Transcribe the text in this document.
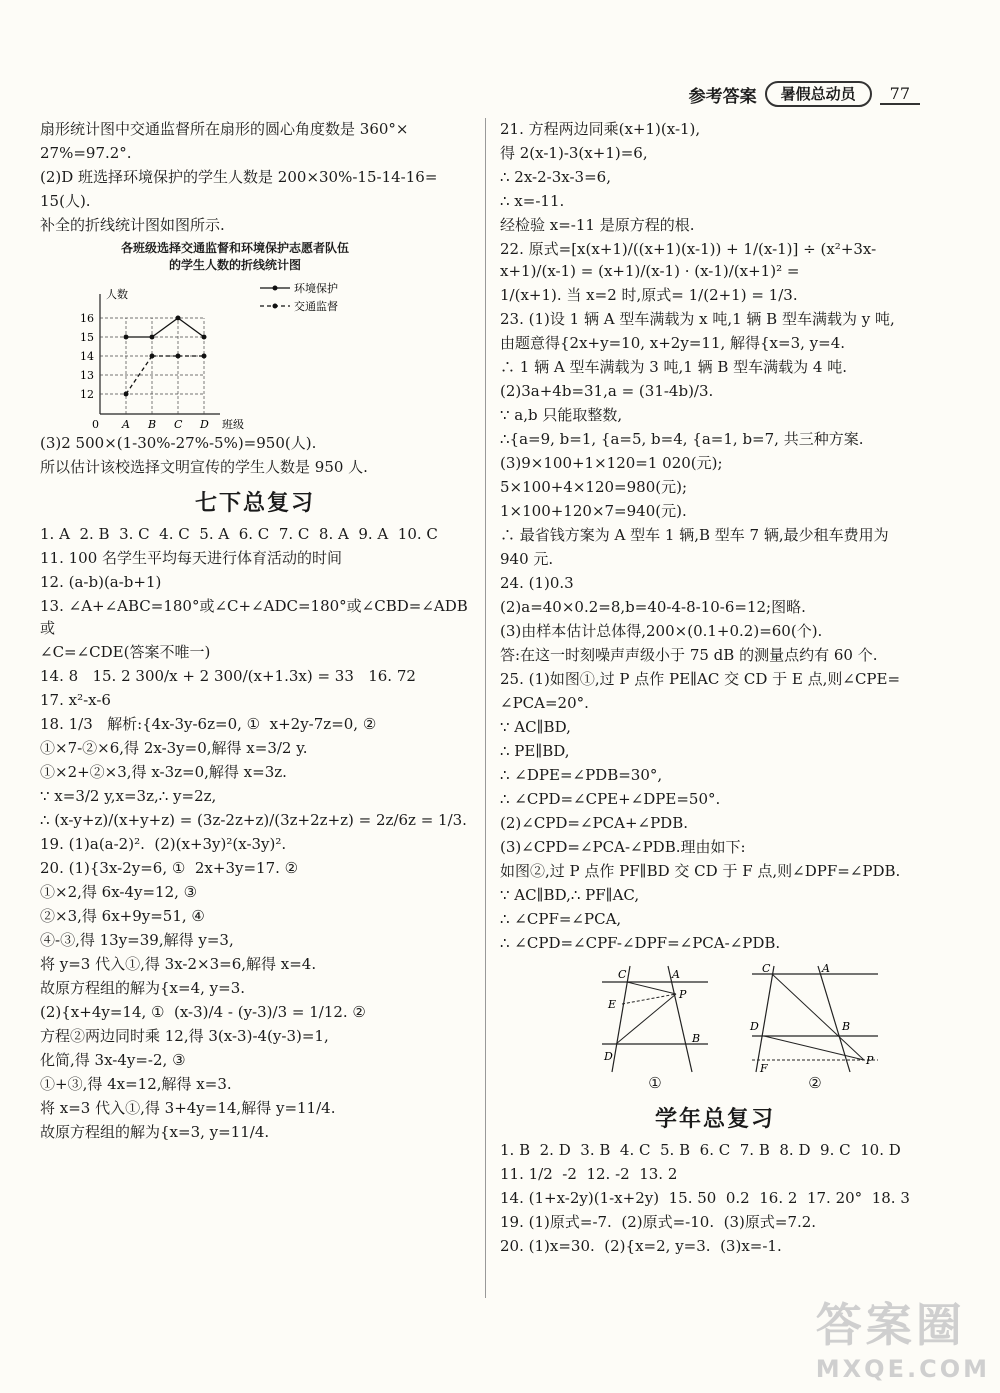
参考答案	暑假总动员	77
扇形统计图中交通监督所在扇形的圆心角度数是 360°×
27%=97.2°.
(2)D 班选择环境保护的学生人数是 200×30%-15-14-16=
15(人).
补全的折线统计图如图所示.
各班级选择交通监督和环境保护志愿者队伍的学生人数的折线统计图
人数
班级
0
12
13
14
15
16
A B C D
环境保护
交通监督
(3)2 500×(1-30%-27%-5%)=950(人).
所以估计该校选择文明宣传的学生人数是 950 人.
七下总复习
1. A  2. B  3. C  4. C  5. A  6. C  7. C  8. A  9. A  10. C
11. 100 名学生平均每天进行体育活动的时间
12. (a-b)(a-b+1)
13. ∠A+∠ABC=180°或∠C+∠ADC=180°或∠CBD=∠ADB 或
∠C=∠CDE(答案不唯一)
14. 8   15. 2 300/x + 2 300/(x+1.3x) = 33   16. 72
17. x²-x-6
18. 1/3   解析:{4x-3y-6z=0, ①  x+2y-7z=0, ②
①×7-②×6,得 2x-3y=0,解得 x=3/2 y.
①×2+②×3,得 x-3z=0,解得 x=3z.
∵ x=3/2 y,x=3z,∴ y=2z,
∴ (x-y+z)/(x+y+z) = (3z-2z+z)/(3z+2z+z) = 2z/6z = 1/3.
19. (1)a(a-2)².  (2)(x+3y)²(x-3y)².
20. (1){3x-2y=6, ①  2x+3y=17. ②
①×2,得 6x-4y=12, ③
②×3,得 6x+9y=51, ④
④-③,得 13y=39,解得 y=3,
将 y=3 代入①,得 3x-2×3=6,解得 x=4.
故原方程组的解为{x=4, y=3.
(2){x+4y=14, ①  (x-3)/4 - (y-3)/3 = 1/12. ②
方程②两边同时乘 12,得 3(x-3)-4(y-3)=1,
化简,得 3x-4y=-2, ③
①+③,得 4x=12,解得 x=3.
将 x=3 代入①,得 3+4y=14,解得 y=11/4.
故原方程组的解为{x=3, y=11/4.
21. 方程两边同乘(x+1)(x-1),
得 2(x-1)-3(x+1)=6,
∴ 2x-2-3x-3=6,
∴ x=-11.
经检验 x=-11 是原方程的根.
22. 原式=[x(x+1)/((x+1)(x-1)) + 1/(x-1)] ÷ (x²+3x-x+1)/(x-1) = (x+1)/(x-1) · (x-1)/(x+1)² =
1/(x+1). 当 x=2 时,原式= 1/(2+1) = 1/3.
23. (1)设 1 辆 A 型车满载为 x 吨,1 辆 B 型车满载为 y 吨,
由题意得{2x+y=10, x+2y=11, 解得{x=3, y=4.
∴ 1 辆 A 型车满载为 3 吨,1 辆 B 型车满载为 4 吨.
(2)3a+4b=31,a = (31-4b)/3.
∵ a,b 只能取整数,
∴{a=9, b=1, {a=5, b=4, {a=1, b=7, 共三种方案.
(3)9×100+1×120=1 020(元);
5×100+4×120=980(元);
1×100+120×7=940(元).
∴ 最省钱方案为 A 型车 1 辆,B 型车 7 辆,最少租车费用为
940 元.
24. (1)0.3
(2)a=40×0.2=8,b=40-4-8-10-6=12;图略.
(3)由样本估计总体得,200×(0.1+0.2)=60(个).
答:在这一时刻噪声声级小于 75 dB 的测量点约有 60 个.
25. (1)如图①,过 P 点作 PE∥AC 交 CD 于 E 点,则∠CPE=
∠PCA=20°.
∵ AC∥BD,
∴ PE∥BD,
∴ ∠DPE=∠PDB=30°,
∴ ∠CPD=∠CPE+∠DPE=50°.
(2)∠CPD=∠PCA+∠PDB.
(3)∠CPD=∠PCA-∠PDB.理由如下:
如图②,过 P 点作 PF∥BD 交 CD 于 F 点,则∠DPF=∠PDB.
∵ AC∥BD,∴ PF∥AC,
∴ ∠CPF=∠PCA,
∴ ∠CPD=∠CPF-∠DPF=∠PCA-∠PDB.
C	A
P
E
B
D
①
C	A
D	B
F
P
②
学年总复习
1. B  2. D  3. B  4. C  5. B  6. C  7. B  8. D  9. C  10. D
11. 1/2  -2  12. -2  13. 2
14. (1+x-2y)(1-x+2y)  15. 50  0.2  16. 2  17. 20°  18. 3
19. (1)原式=-7.  (2)原式=-10.  (3)原式=7.2.
20. (1)x=30.  (2){x=2, y=3.  (3)x=-1.
答案圈
MXQE.COM
